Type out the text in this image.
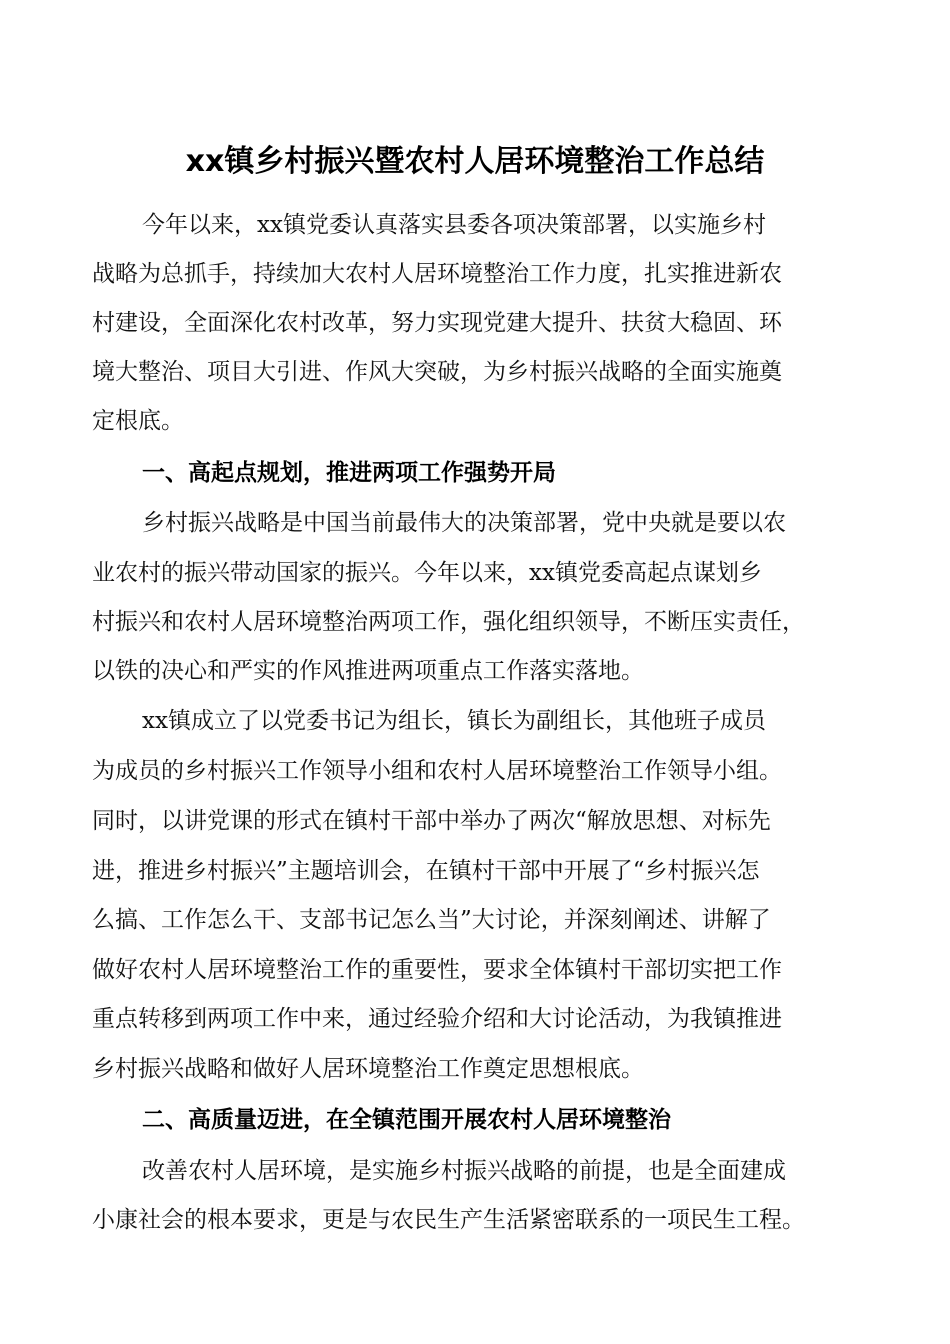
xx镇乡村振兴暨农村人居环境整治工作总结
今年以来，xx镇党委认真落实县委各项决策部署，以实施乡村
战略为总抓手，持续加大农村人居环境整治工作力度，扎实推进新农
村建设，全面深化农村改革，努力实现党建大提升、扶贫大稳固、环
境大整治、项目大引进、作风大突破，为乡村振兴战略的全面实施奠
定根底。
一、高起点规划，推进两项工作强势开局
乡村振兴战略是中国当前最伟大的决策部署，党中央就是要以农
业农村的振兴带动国家的振兴。今年以来，xx镇党委高起点谋划乡
村振兴和农村人居环境整治两项工作，强化组织领导，不断压实责任，
以铁的决心和严实的作风推进两项重点工作落实落地。
xx镇成立了以党委书记为组长，镇长为副组长，其他班子成员
为成员的乡村振兴工作领导小组和农村人居环境整治工作领导小组。
同时，以讲党课的形式在镇村干部中举办了两次“解放思想、对标先
进，推进乡村振兴”主题培训会，在镇村干部中开展了“乡村振兴怎
么搞、工作怎么干、支部书记怎么当”大讨论，并深刻阐述、讲解了
做好农村人居环境整治工作的重要性，要求全体镇村干部切实把工作
重点转移到两项工作中来，通过经验介绍和大讨论活动，为我镇推进
乡村振兴战略和做好人居环境整治工作奠定思想根底。
二、高质量迈进，在全镇范围开展农村人居环境整治
改善农村人居环境，是实施乡村振兴战略的前提，也是全面建成
小康社会的根本要求，更是与农民生产生活紧密联系的一项民生工程。
